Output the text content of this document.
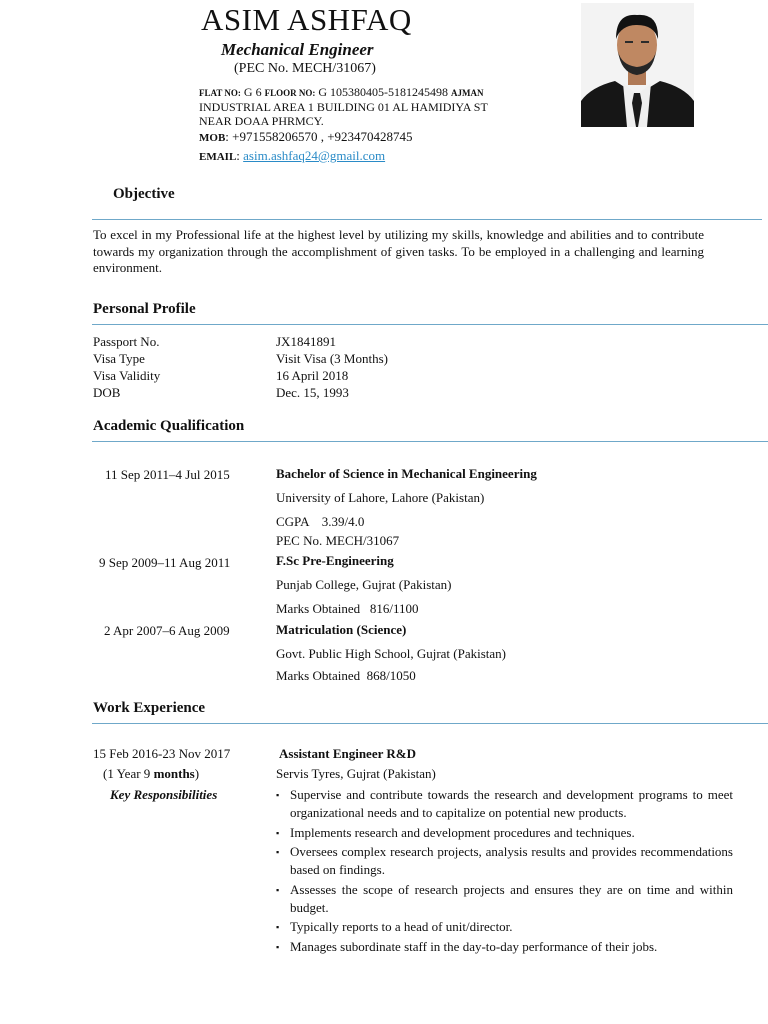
ASIM ASHFAQ
Mechanical Engineer
(PEC No. MECH/31067)
FLAT NO: G 6 FLOOR NO: G 105380405-5181245498 AJMAN
INDUSTRIAL AREA 1 BUILDING 01 AL HAMIDIYA ST NEAR DOAA PHRMCY.
MOB: +971558206570 , +923470428745
EMAIL: asim.ashfaq24@gmail.com
Objective
To excel in my Professional life at the highest level by utilizing my skills, knowledge and abilities and to contribute towards my organization through the accomplishment of given tasks. To be employed in a challenging and learning environment.
Personal Profile
Passport No.	JX1841891
Visa Type	Visit Visa (3 Months)
Visa Validity	16 April 2018
DOB	Dec. 15, 1993
Academic Qualification
11 Sep 2011–4 Jul 2015	Bachelor of Science in Mechanical Engineering
University of Lahore, Lahore (Pakistan)
CGPA    3.39/4.0
PEC No. MECH/31067
9 Sep 2009–11 Aug 2011	F.Sc Pre-Engineering
Punjab College, Gujrat (Pakistan)
Marks Obtained   816/1100
2 Apr 2007–6 Aug 2009	Matriculation (Science)
Govt. Public High School, Gujrat (Pakistan)
Marks Obtained  868/1050
Work Experience
15 Feb 2016-23 Nov 2017
(1 Year 9 months)
Assistant Engineer R&D
Servis Tyres, Gujrat (Pakistan)
Key Responsibilities
▪	Supervise and contribute towards the research and development programs to meet organizational needs and to capitalize on potential new products.
▪ Implements research and development procedures and techniques.
▪ Oversees complex research projects, analysis results and provides recommendations based on findings.
▪ Assesses the scope of research projects and ensures they are on time and within budget.
▪ Typically reports to a head of unit/director.
▪ Manages subordinate staff in the day-to-day performance of their jobs.
